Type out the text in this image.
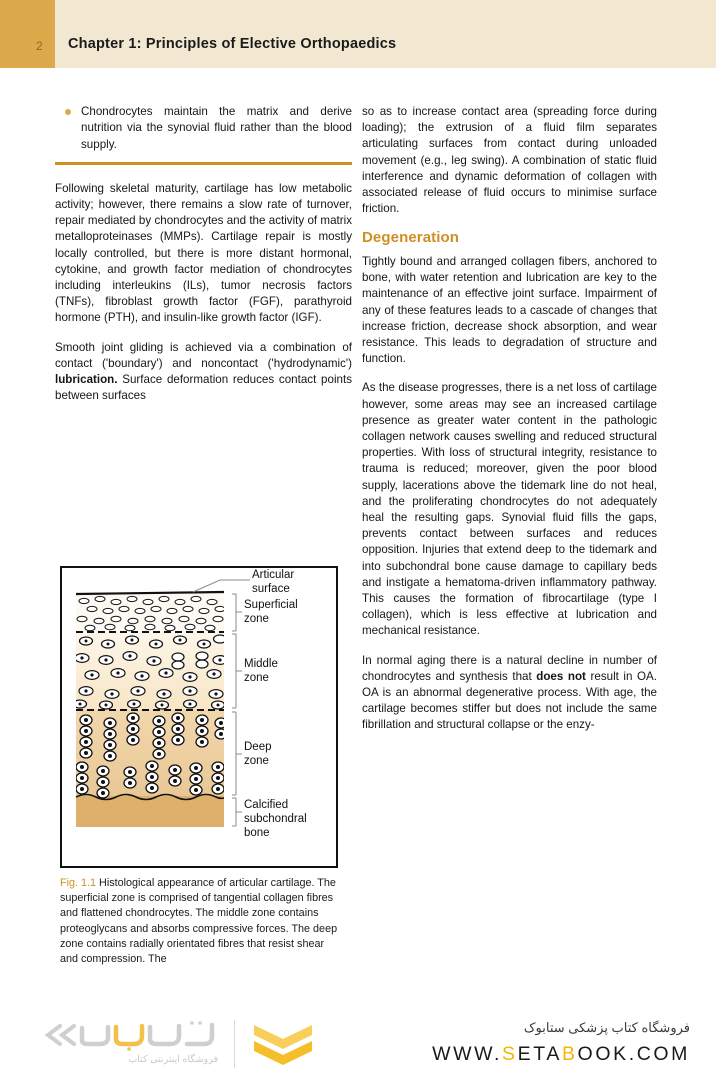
2 Chapter 1: Principles of Elective Orthopaedics
Chondrocytes maintain the matrix and derive nutrition via the synovial fluid rather than the blood supply.

Following skeletal maturity, cartilage has low metabolic activity; however, there remains a slow rate of turnover, repair mediated by chondrocytes and the activity of matrix metalloproteinases (MMPs). Cartilage repair is mostly locally controlled, but there is more distant hormonal, cytokine, and growth factor mediation of chondrocytes including interleukins (ILs), tumor necrosis factors (TNFs), fibroblast growth factor (FGF), parathyroid hormone (PTH), and insulin-like growth factor (IGF).

Smooth joint gliding is achieved via a combination of contact ('boundary') and noncontact ('hydrodynamic') lubrication. Surface deformation reduces contact points between surfaces

Articular
surface
Superficial
zone
Middle
zone
Deep
zone
Calcified
subchondral
bone
Fig. 1.1 Histological appearance of articular cartilage. The superficial zone is comprised of tangential collagen fibres and flattened chondrocytes. The middle zone contains proteoglycans and absorbs compressive forces. The deep zone contains radially orientated fibres that resist shear and compression. The

so as to increase contact area (spreading force during loading); the extrusion of a fluid film separates articulating surfaces from contact during unloaded movement (e.g., leg swing). A combination of static fluid interference and dynamic deformation of collagen with associated release of fluid occurs to minimise surface friction.

Degeneration

Tightly bound and arranged collagen fibers, anchored to bone, with water retention and lubrication are key to the maintenance of an effective joint surface. Impairment of any of these features leads to a cascade of changes that increase friction, decrease shock absorption, and wear resistance. This leads to degradation of structure and function.

As the disease progresses, there is a net loss of cartilage however, some areas may see an increased cartilage presence as greater water content in the pathologic collagen network causes swelling and reduced structural properties. With loss of structural integrity, resistance to trauma is reduced; moreover, given the poor blood supply, lacerations above the tidemark line do not heal, and the proliferating chondrocytes do not adequately heal the resulting gaps. Synovial fluid fills the gaps, prevents contact between surfaces and reduces opposition. Injuries that extend deep to the tidemark and into subchondral bone cause damage to capillary beds and instigate a hematoma-driven inflammatory pathway. This causes the formation of fibrocartilage (type I collagen), which is less effective at lubrication and mechanical resistance.

In normal aging there is a natural decline in number of chondrocytes and synthesis that does not result in OA. OA is an abnormal degenerative process. With age, the cartilage becomes stiffer but does not include the same fibrillation and structural collapse or the enzy-

فروشگاه اینترنتی کتاب
فروشگاه کتاب پزشکی ستابوک
WWW.SETABOOK.COM
